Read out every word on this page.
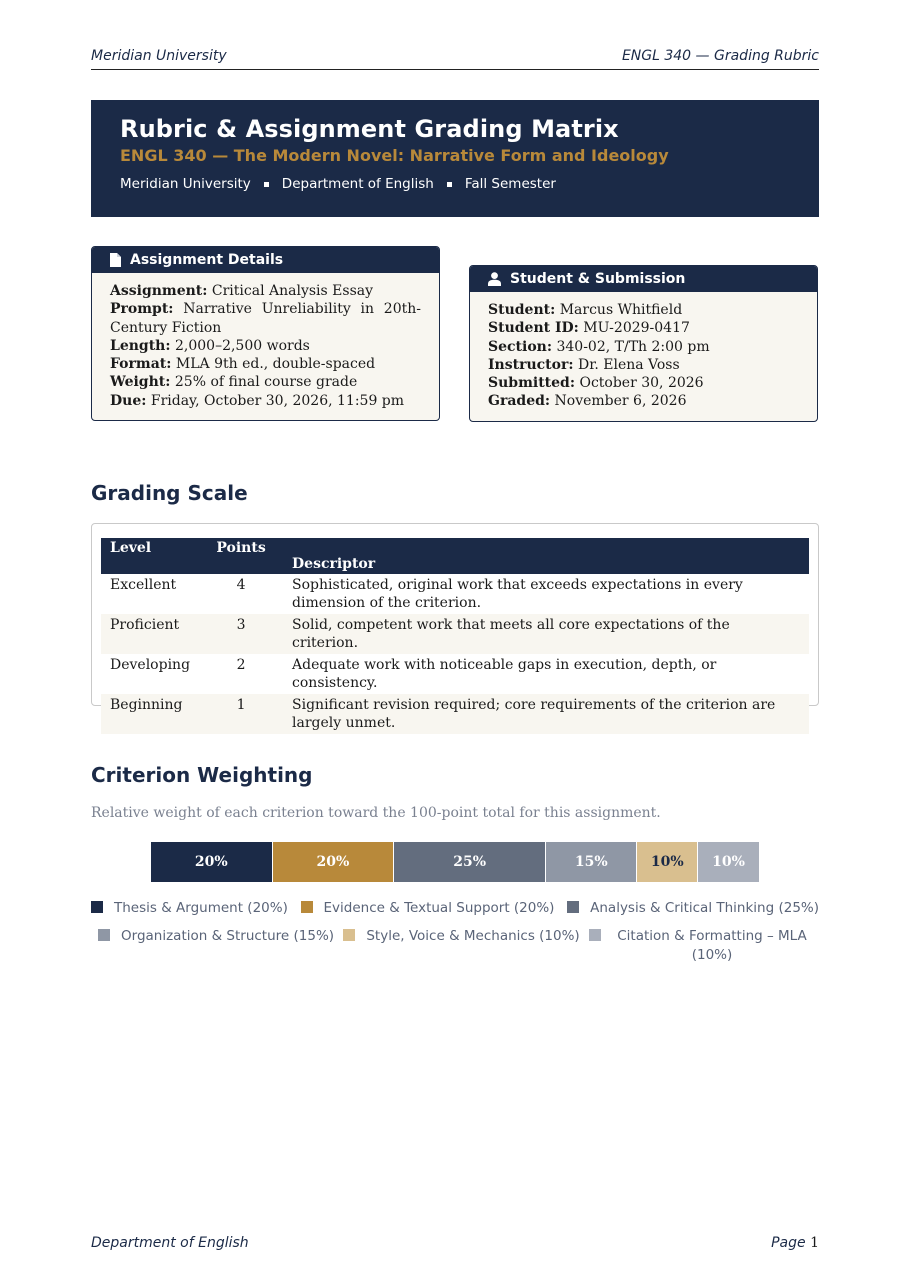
Meridian University	ENGL 340 — Grading Rubric
Rubric & Assignment Grading Matrix
ENGL 340 — The Modern Novel: Narrative Form and Ideology
Meridian University Department of English Fall Semester
Assignment Details
Assignment: Critical Analysis Essay
Prompt: Narrative Unreliability in 20th-Century Fiction
Length: 2,000–2,500 words
Format: MLA 9th ed., double-spaced
Weight: 25% of final course grade
Due: Friday, October 30, 2026, 11:59 pm
Student & Submission
Student: Marcus Whitfield
Student ID: MU-2029-0417
Section: 340-02, T/Th 2:00 pm
Instructor: Dr. Elena Voss
Submitted: October 30, 2026
Graded: November 6, 2026
Grading Scale
Level	Points	Descriptor
Excellent	4	Sophisticated, original work that exceeds expectations in every dimension of the criterion.
Proficient	3	Solid, competent work that meets all core expectations of the criterion.
Developing	2	Adequate work with noticeable gaps in execution, depth, or consistency.
Beginning	1	Significant revision required; core requirements of the criterion are largely unmet.
Criterion Weighting
Relative weight of each criterion toward the 100-point total for this assignment.
20%	20%	25%	15%	10% 10%
Thesis & Argument (20%)	Evidence & Textual Support (20%)	Analysis & Critical Thinking (25%)
Organization & Structure (15%) Style, Voice & Mechanics (10%)	Citation & Formatting – MLA (10%)
Department of English	Page 1
